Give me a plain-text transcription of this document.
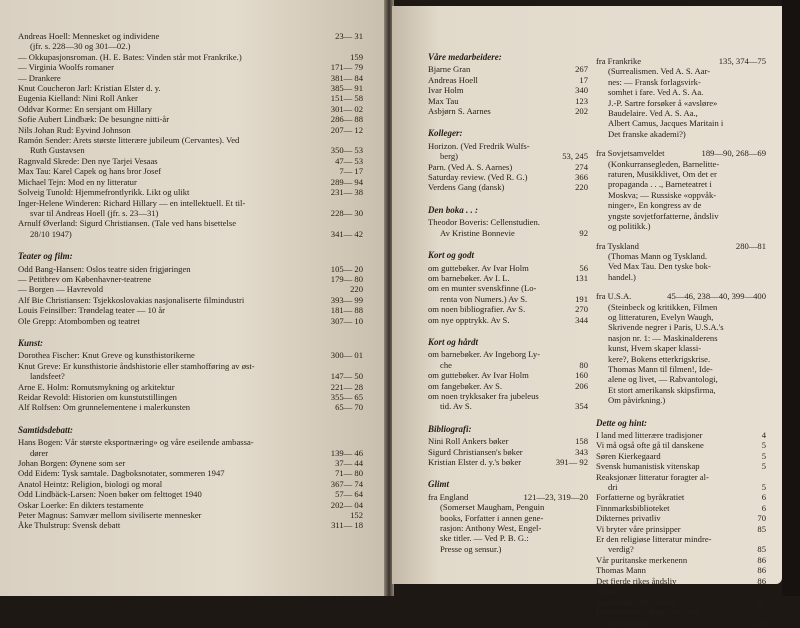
Andreas Hoell: Mennesket og individene	23— 31
(jfr. s. 228—30 og 301—02.)
— Okkupasjonsroman. (H. E. Bates: Vinden står mot Frankrike.)	159
— Virginia Woolfs romaner	171— 79
— Drankere	381— 84
Knut Coucheron Jarl: Kristian Elster d. y.	385— 91
Eugenia Kielland: Nini Roll Anker	151— 58
Oddvar Korme: En sersjant om Hillary	301— 02
Sofie Aubert Lindbæk: De besungne nitti-år	286— 88
Nils Johan Rud: Eyvind Johnson	207— 12
Ramón Sender: Arets største litterære jubileum (Cervantes). Ved
Ruth Gustavsen	350— 53
Ragnvald Skrede: Den nye Tarjei Vesaas	47— 53
Max Tau: Karel Capek og hans bror Josef	7— 17
Michael Tejn: Mod en ny litteratur	289— 94
Solveig Tunold: Hjemmefrontlyrikk. Likt og ulikt	231— 38
Inger-Helene Winderen: Richard Hillary — en intellektuell. Et til-
svar til Andreas Hoell (jfr. s. 23—31)	228— 30
Arnulf Øverland: Sigurd Christiansen. (Tale ved hans bisettelse
28/10 1947)	341— 42
Teater og film:
Odd Bang-Hansen: Oslos teatre siden frigjøringen	105— 20
— Petitbrev om Københavner-teatrene	179— 80
— Borgen — Havrevold	220
Alf Bie Christiansen: Tsjekkoslovakias nasjonaliserte filmindustri	393— 99
Louis Feinsilber: Trøndelag teater — 10 år	181— 88
Ole Grepp: Atombomben og teatret	307— 10
Kunst:
Dorothea Fischer: Knut Greve og kunsthistorikerne	300— 01
Knut Greve: Er kunsthistorie åndshistorie eller stamhofføring av øst-
landsfeet?	147— 50
Arne E. Holm: Romutsmykning og arkitektur	221— 28
Reidar Revold: Historien om kunstutstillingen	355— 65
Alf Rolfsen: Om grunnelementene i malerkunsten	65— 70
Samtidsdebatt:
Hans Bogen: Vår største eksportnæring» og våre eseilende ambassa-
dører	139— 46
Johan Borgen: Øynene som ser	37— 44
Odd Eidem: Tysk samtale. Dagboksnotater, sommeren 1947	71— 80
Anatol Heintz: Religion, biologi og moral	367— 74
Odd Lindbäck-Larsen: Noen bøker om felttoget 1940	57— 64
Oskar Loerke: En dikters testamente	202— 04
Peter Magnus: Samvær mellom siviliserte mennesker	152
Åke Thulstrup: Svensk debatt	311— 18
Våre medarbeidere:
Bjarne Gran	267
Andreas Hoell	17
Ivar Holm	340
Max Tau	123
Asbjørn S. Aarnes	202
Kolleger:
Horizon. (Ved Fredrik Wulfs-
berg)	53, 245
Parn. (Ved A. S. Aarnes)	274
Saturday review. (Ved R. G.)	366
Verdens Gang (dansk)	220
Den boka . . :
Theodor Boveris: Cellenstudien.
Av Kristine Bonnevie	92
Kort og godt
om guttebøker. Av Ivar Holm	56
om barnebøker. Av I. L.	131
om en munter svenskfinne (Lo-
renta von Numers.) Av S.	191
om noen bibliografier. Av S.	270
om nye opptrykk. Av S.	344
Kort og hårdt
om barnebøker. Av Ingeborg Ly-
che	80
om guttebøker. Av Ivar Holm	160
om fangebøker. Av S.	206
om noen trykksaker fra jubeleus
tid. Av S.	354
Bibliografi:
Nini Roll Ankers bøker	158
Sigurd Christiansen's bøker	343
Kristian Elster d. y.'s bøker	391— 92
Glimt
fra England	121—23, 319—20
(Somerset Maugham, Penguin
books, Forfatter i annen gene-
rasjon: Anthony West, Engel-
ske titler. — Ved P. B. G.:
Presse og sensur.)
fra Frankrike	135, 374—75
(Surrealismen. Ved A. S. Aar-
nes: — Fransk forlagsvirk-
somhet i fare. Ved A. S. Aa.
J.-P. Sartre forsøker å «avsløre»
Baudelaire. Ved A. S. Aa.,
Albert Camus, Jacques Maritain i
Det franske akademi?)
fra Sovjetsamveldet	189—90, 268—69
(Konkurransegleden, Barnelitte-
raturen, Musikklivet, Om det er
propaganda . . ., Barneteatret i
Moskva; — Russiske «oppvåk-
ninger», En kongress av de
yngste sovjetforfatterne, åndsliv
og politikk.)
fra Tyskland	280—81
(Thomas Mann og Tyskland.
Ved Max Tau. Den tyske bok-
handel.)
fra U.S.A.	45—46, 238—40, 399—400
(Steinbeck og kritikken, Filmen
og litteraturen, Evelyn Waugh,
Skrivende negrer i Paris, U.S.A.'s
nasjon nr. 1: — Maskinalderens
kunst, Hvem skaper klassi-
kere?, Bokens etterkrigskrise.
Thomas Mann til filmen!, Ide-
alene og livet, — Rabvantologi,
Et stort amerikansk skipsfirma,
Om påvirkning.)
Dette og hint:
I land med litterære tradisjoner	4
Vi må også ofte gå til danskene	5
Søren Kierkegaard	5
Svensk humanistisk vitenskap	5
Reaksjonær litteratur foragter al-
dri	5
Forfatterne og byråkratiet	6
Finnmarksbiblioteket	6
Dikternes privatliv	70
Vi bryter våre prinsipper	85
Er den religiøse litteratur mindre-
verdig?	85
Vår puritanske merkenenn	86
Thomas Mann	86
Det fjerde rikes åndsliv	86
Sensur	87
Realismen i litteraturen	87
Litteraturens stilling etter den
siste krigen	103
